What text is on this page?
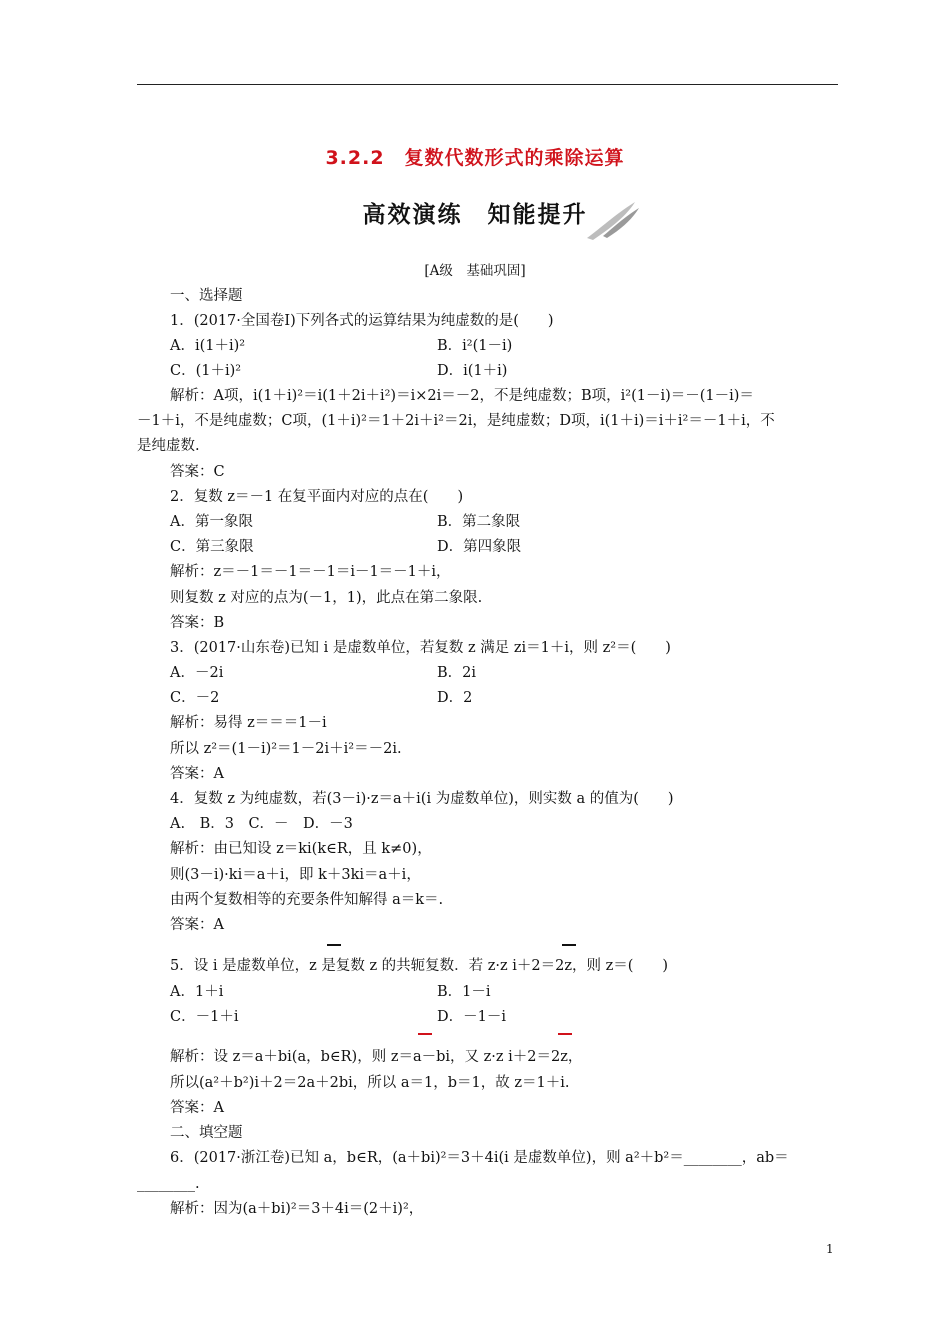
3.2.2　复数代数形式的乘除运算
高效演练　知能提升
[A级　基础巩固]
一、选择题
1．(2017·全国卷Ⅰ)下列各式的运算结果为纯虚数的是(　　)
A．i(1＋i)²	B．i²(1－i)
C．(1＋i)²	D．i(1＋i)
解析：A项，i(1＋i)²＝i(1＋2i＋i²)＝i×2i＝－2，不是纯虚数；B项，i²(1－i)＝－(1－i)＝
－1＋i，不是纯虚数；C项，(1＋i)²＝1＋2i＋i²＝2i，是纯虚数；D项，i(1＋i)＝i＋i²＝－1＋i，不
是纯虚数.
答案：C
2．复数 z＝－1 在复平面内对应的点在(　　)
A．第一象限	B．第二象限
C．第三象限	D．第四象限
解析：z＝－1＝－1＝－1＝i－1＝－1＋i，
则复数 z 对应的点为(－1，1)，此点在第二象限.
答案：B
3．(2017·山东卷)已知 i 是虚数单位，若复数 z 满足 zi＝1＋i，则 z²＝(　　)
A．－2i	B．2i
C．－2	D．2
解析：易得 z＝＝＝1－i
所以 z²＝(1－i)²＝1－2i＋i²＝－2i.
答案：A
4．复数 z 为纯虚数，若(3－i)·z＝a＋i(i 为虚数单位)，则实数 a 的值为(　　)
A.　B．3　C．－　D．－3
解析：由已知设 z＝ki(k∈R，且 k≠0)，
则(3－i)·ki＝a＋i，即 k＋3ki＝a＋i，
由两个复数相等的充要条件知解得 a＝k＝.
答案：A
5．设 i 是虚数单位，z 是复数 z 的共轭复数．若 z·z i＋2＝2z，则 z＝(　　)
A．1＋i	B．1－i
C．－1＋i	D．－1－i
解析：设 z＝a＋bi(a，b∈R)，则 z＝a－bi，又 z·z i＋2＝2z，
所以(a²＋b²)i＋2＝2a＋2bi，所以 a＝1，b＝1，故 z＝1＋i.
答案：A
二、填空题
6．(2017·浙江卷)已知 a，b∈R，(a＋bi)²＝3＋4i(i 是虚数单位)，则 a²＋b²＝________，ab＝
________.
解析：因为(a＋bi)²＝3＋4i＝(2＋i)²，
1
